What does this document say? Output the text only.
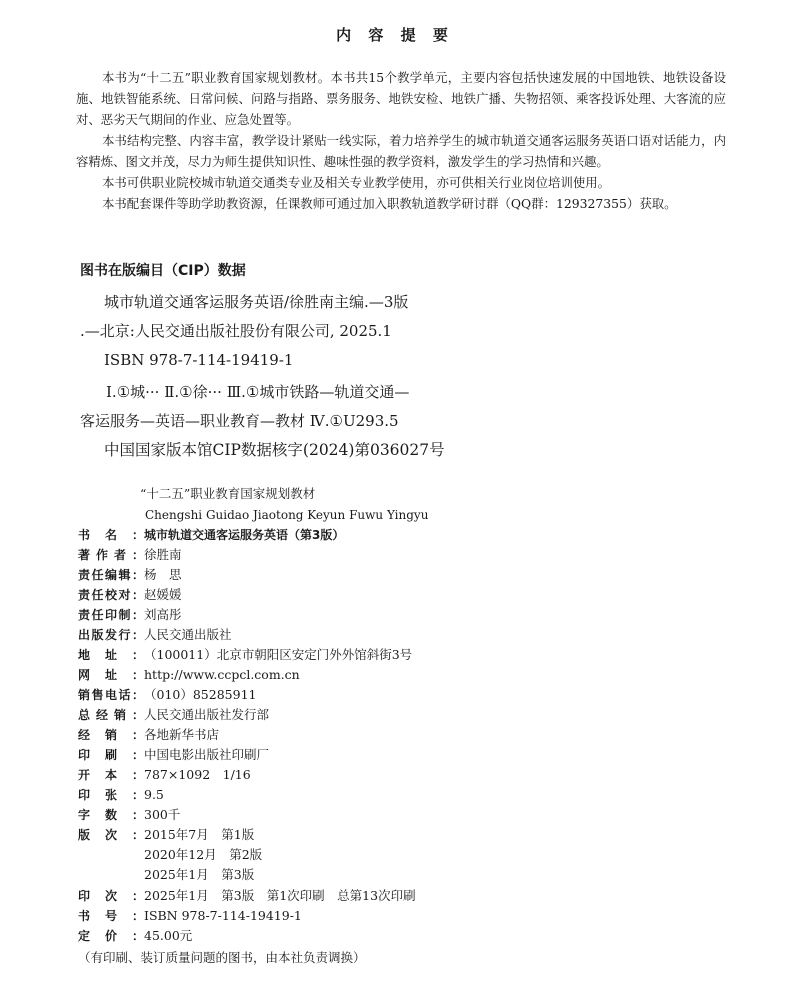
内 容 提 要

本书为“十二五”职业教育国家规划教材。本书共15个教学单元，主要内容包括快速发展的中国地铁、地铁设备设施、地铁智能系统、日常问候、问路与指路、票务服务、地铁安检、地铁广播、失物招领、乘客投诉处理、大客流的应对、恶劣天气期间的作业、应急处置等。

本书结构完整、内容丰富，教学设计紧贴一线实际，着力培养学生的城市轨道交通客运服务英语口语对话能力，内容精炼、图文并茂，尽力为师生提供知识性、趣味性强的教学资料，激发学生的学习热情和兴趣。

本书可供职业院校城市轨道交通类专业及相关专业教学使用，亦可供相关行业岗位培训使用。

本书配套课件等助学助教资源，任课教师可通过加入职教轨道教学研讨群（QQ群：129327355）获取。

图书在版编目（CIP）数据
城市轨道交通客运服务英语/徐胜南主编.—3版
.—北京:人民交通出版社股份有限公司, 2025.1
ISBN 978-7-114-19419-1
Ⅰ.①城··· Ⅱ.①徐··· Ⅲ.①城市铁路—轨道交通—
客运服务—英语—职业教育—教材 Ⅳ.①U293.5
中国国家版本馆CIP数据核字(2024)第036027号
“十二五”职业教育国家规划教材
Chengshi Guidao Jiaotong Keyun Fuwu Yingyu
书名： 城市轨道交通客运服务英语（第3版）
著作者： 徐胜南
责任编辑： 杨　思
责任校对： 赵媛媛
责任印制： 刘高彤
出版发行： 人民交通出版社
地址： （100011）北京市朝阳区安定门外外馆斜街3号
网址： http://www.ccpcl.com.cn
销售电话： （010）85285911
总经销： 人民交通出版社发行部
经销： 各地新华书店
印刷： 中国电影出版社印刷厂
开本： 787×1092　1/16
印张： 9.5
字数： 300千
版次： 2015年7月　第1版
2020年12月　第2版
2025年1月　第3版
印次： 2025年1月　第3版　第1次印刷　总第13次印刷
书号： ISBN 978-7-114-19419-1
定价： 45.00元
（有印刷、装订质量问题的图书，由本社负责调换）
